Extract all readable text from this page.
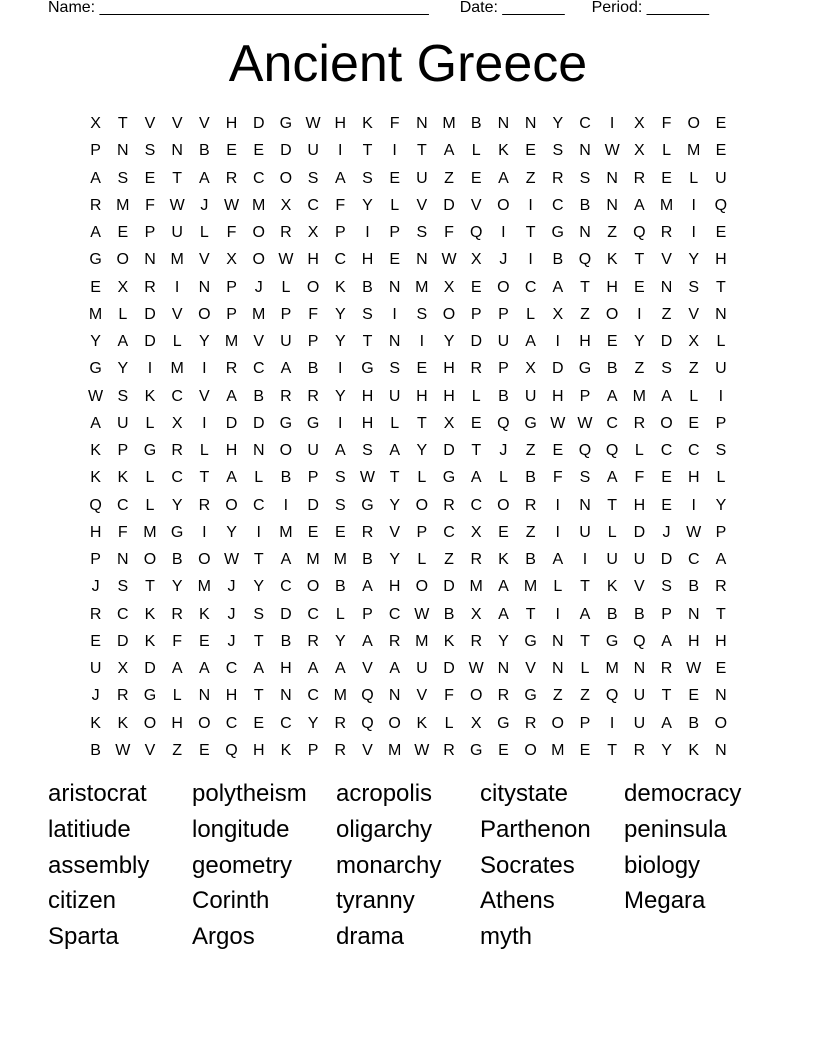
Name: _____________________________________ Date: _______ Period: _______
Ancient Greece
X	T	V	V	V	H D G W H	K	F	N M B	N N	Y	C	I	X	F	O E
P	N	S	N	B	E	E	D U	I	T	I	T	A	L	K	E	S	N W X	L	M E
A	S	E	T	A	R C O S	A	S	E	U	Z	E	A	Z	R	S	N R	E	L	U
R M F W J W M X	C	F	Y	L	V	D	V O	I	C	B	N	A M	I	Q
A	E	P	U	L	F	O R	X	P	I	P	S	F	Q	I	T	G N	Z	Q R	I	E
G O N M V	X O W H C H	E	N W X	J	I	B Q K	T	V	Y	H
E	X	R	I	N	P	J	L	O K	B	N M X	E O C	A	T	H	E	N	S	T
M	L	D	V O P M P	F	Y	S	I	S O P	P	L	X	Z	O	I	Z	V	N
Y	A	D	L	Y M V	U	P	Y	T	N	I	Y	D U	A	I	H	E	Y	D	X	L
G Y	I	M	I	R C	A	B	I	G S	E	H R	P	X	D G B	Z	S	Z	U
W S	K	C	V	A	B	R R	Y	H U H H	L	B	U H	P	A M A	L	I
A	U	L	X	I	D D G G	I	H	L	T	X	E Q G W W C R O E	P
K	P G R	L	H N O U	A	S	A	Y	D	T	J	Z	E Q Q	L	C C	S
K	K	L	C	T	A	L	B	P	S W T	L	G A	L	B	F	S	A	F	E	H	L
Q C	L	Y	R O C	I	D	S G Y O R C O R	I	N	T	H	E	I	Y
H	F M G	I	Y	I	M E	E	R	V	P	C	X	E	Z	I	U	L	D	J W P
P	N O B O W T	A M M B	Y	L	Z	R	K	B	A	I	U U D C	A
J	S	T	Y M	J	Y	C O B	A	H O D M A M	L	T	K	V	S	B	R
R C	K	R	K	J	S	D C	L	P	C W B	X	A	T	I	A	B	B	P	N	T
E	D	K	F	E	J	T	B	R	Y	A	R M K	R	Y G N	T	G Q A	H H
U	X	D	A	A	C	A	H	A	A	V	A	U D W N	V	N	L	M N R W E
J	R G	L	N H	T	N C M Q N	V	F	O R G	Z	Z	Q U	T	E	N
K	K O H O C	E	C	Y	R Q O K	L	X G R O P	I	U	A	B O
B W V	Z	E Q H	K	P	R	V M W R G E O M E	T	R	Y	K	N
aristocrat	polytheism	acropolis	citystate	democracy
latitiude	longitude	oligarchy	Parthenon	peninsula
assembly	geometry	monarchy	Socrates	biology
citizen	Corinth	tyranny	Athens	Megara
Sparta	Argos	drama	myth
